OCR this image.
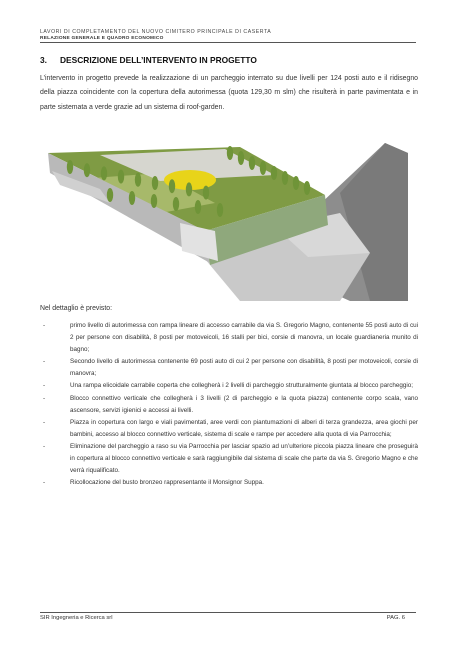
LAVORI DI COMPLETAMENTO DEL NUOVO CIMITERO PRINCIPALE DI CASERTA
RELAZIONE GENERALE E QUADRO ECONOMICO
3. DESCRIZIONE DELL’INTERVENTO IN PROGETTO
L’intervento in progetto prevede la realizzazione di un parcheggio interrato su due livelli per 124 posti auto e il ridisegno della piazza coincidente con la copertura della autorimessa (quota 129,30 m slm) che risulterà in parte pavimentata e in parte sistemata a verde grazie ad un sistema di roof-garden.
Nel dettaglio è previsto:
-	primo livello di autorimessa con rampa lineare di accesso carrabile da via S. Gregorio Magno, contenente 55 posti auto di cui 2 per persone con disabilità, 8 posti per motoveicoli, 16 stalli per bici, corsie di manovra, un locale guardianeria munito di bagno;
-	Secondo livello di autorimessa contenente 69 posti auto di cui 2 per persone con disabilità, 8 posti per motoveicoli, corsie di manovra;
-	Una rampa elicoidale carrabile coperta che collegherà i 2 livelli di parcheggio strutturalmente giuntata al blocco parcheggio;
-	Blocco connettivo verticale che collegherà i 3 livelli (2 di parcheggio e la quota piazza) contenente corpo scala, vano ascensore, servizi igienici e accessi ai livelli.
-	Piazza in copertura con largo e viali pavimentati, aree verdi con piantumazioni di alberi di terza grandezza, area giochi per bambini, accesso al blocco connettivo verticale, sistema di scale e rampe per accedere alla quota di via Parrocchia;
-	Eliminazione del parcheggio a raso su via Parrocchia per lasciar spazio ad un’ulteriore piccola piazza lineare che proseguirà in copertura al blocco connettivo verticale e sarà raggiungibile dal sistema di scale che parte da via S. Gregorio Magno e che verrà riqualificato.
-	Ricollocazione del busto bronzeo rappresentante il Monsignor Suppa.
SIR Ingegneria e Ricerca srl	PAG. 6
